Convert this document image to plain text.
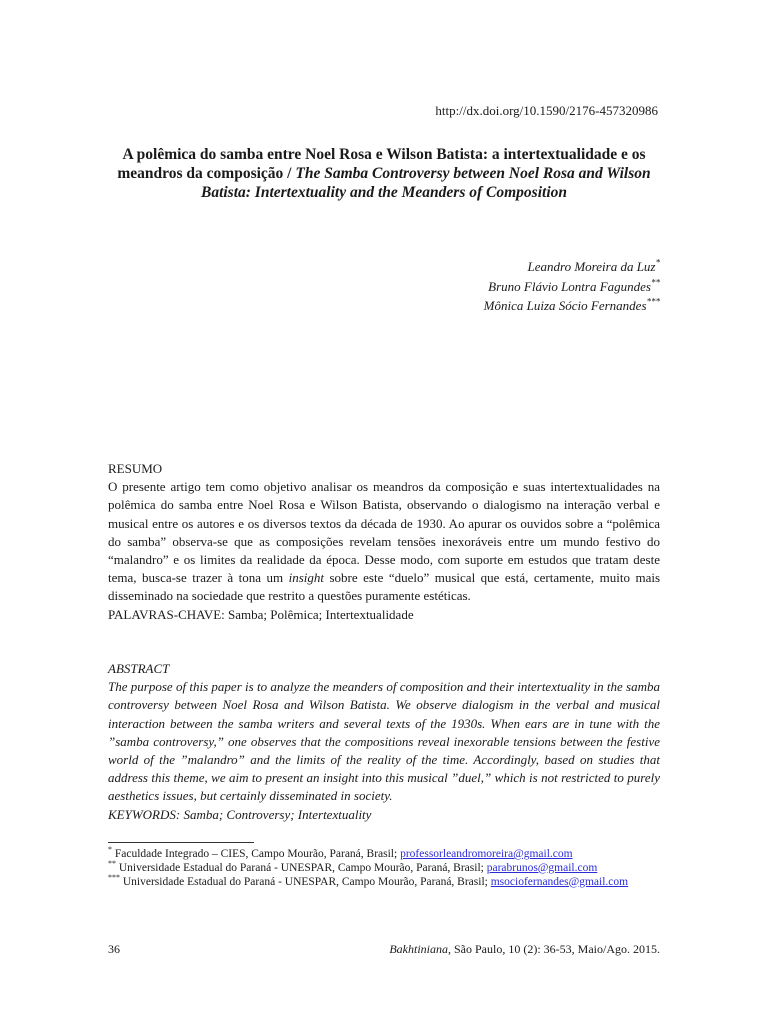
http://dx.doi.org/10.1590/2176-457320986
A polêmica do samba entre Noel Rosa e Wilson Batista: a intertextualidade e os meandros da composição / The Samba Controversy between Noel Rosa and Wilson Batista: Intertextuality and the Meanders of Composition
Leandro Moreira da Luz*
Bruno Flávio Lontra Fagundes**
Mônica Luiza Sócio Fernandes***
RESUMO
O presente artigo tem como objetivo analisar os meandros da composição e suas intertextualidades na polêmica do samba entre Noel Rosa e Wilson Batista, observando o dialogismo na interação verbal e musical entre os autores e os diversos textos da década de 1930. Ao apurar os ouvidos sobre a “polêmica do samba” observa-se que as composições revelam tensões inexoráveis entre um mundo festivo do “malandro” e os limites da realidade da época. Desse modo, com suporte em estudos que tratam deste tema, busca-se trazer à tona um insight sobre este “duelo” musical que está, certamente, muito mais disseminado na sociedade que restrito a questões puramente estéticas.
PALAVRAS-CHAVE: Samba; Polêmica; Intertextualidade
ABSTRACT
The purpose of this paper is to analyze the meanders of composition and their intertextuality in the samba controversy between Noel Rosa and Wilson Batista. We observe dialogism in the verbal and musical interaction between the samba writers and several texts of the 1930s. When ears are in tune with the ”samba controversy,” one observes that the compositions reveal inexorable tensions between the festive world of the ”malandro” and the limits of the reality of the time. Accordingly, based on studies that address this theme, we aim to present an insight into this musical ”duel,” which is not restricted to purely aesthetics issues, but certainly disseminated in society.
KEYWORDS: Samba; Controversy; Intertextuality

* Faculdade Integrado – CIES, Campo Mourão, Paraná, Brasil; professorleandromoreira@gmail.com

** Universidade Estadual do Paraná - UNESPAR, Campo Mourão, Paraná, Brasil; parabrunos@gmail.com

*** Universidade Estadual do Paraná - UNESPAR, Campo Mourão, Paraná, Brasil; msociofernandes@gmail.com

36	Bakhtiniana, São Paulo, 10 (2): 36-53, Maio/Ago. 2015.
